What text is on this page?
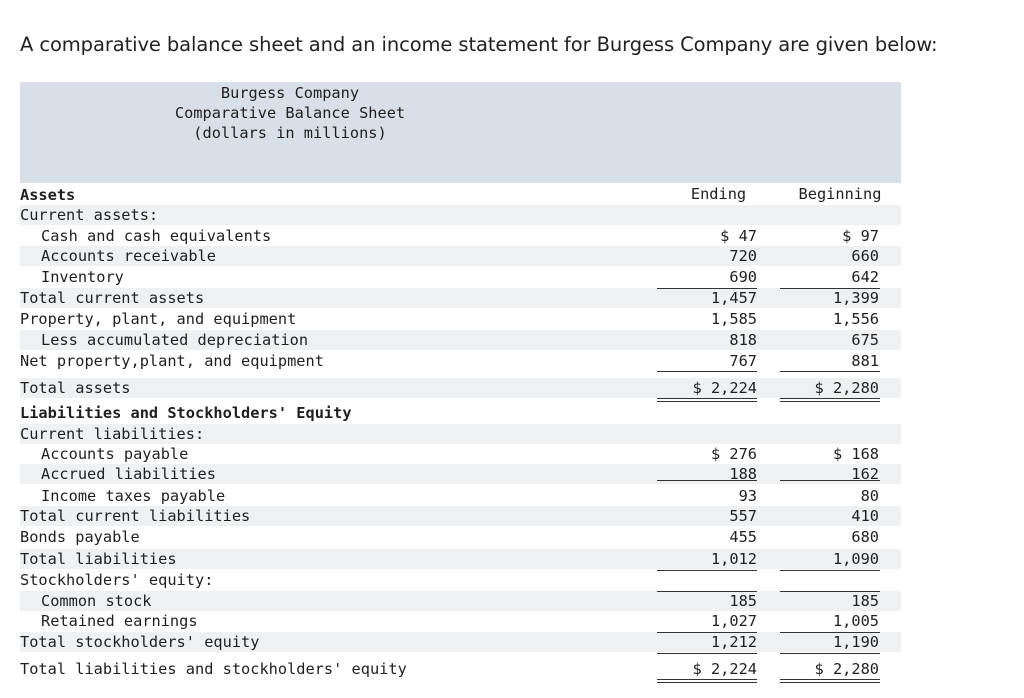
A comparative balance sheet and an income statement for Burgess Company are given below:
Burgess Company
Comparative Balance Sheet
(dollars in millions)

Ending

	Beginning

Assets
Current assets:
Cash and cash equivalents	$ 47	$ 97
Accounts receivable	720	660
Inventory	690	642
Total current assets	1,457	1,399
Property, plant, and equipment	1,585	1,556
Less accumulated depreciation	818	675
Net property,plant, and equipment	767	881
Total assets	$ 2,224	$ 2,280
Liabilities and Stockholders' Equity
Current liabilities:
Accounts payable	$ 276	$ 168
Accrued liabilities	188	162
Income taxes payable	93	80
Total current liabilities	557	410
Bonds payable	455	680
Total liabilities	1,012	1,090
Stockholders' equity:
Common stock	185	185
Retained earnings	1,027	1,005
Total stockholders' equity	1,212	1,190
Total liabilities and stockholders' equity	$ 2,224	$ 2,280
